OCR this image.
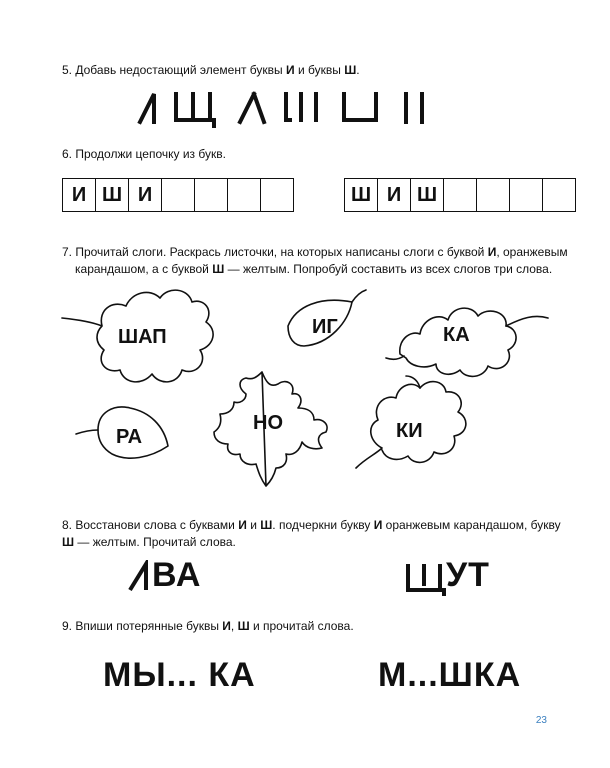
5. Добавь недостающий элемент буквы И и буквы Ш.
6. Продолжи цепочку из букв.
И Ш И	Ш И Ш
7. Прочитай слоги. Раскрась листочки, на которых написаны слоги с буквой И, оранжевым
карандашом, а с буквой Ш — желтым. Попробуй составить из всех слогов три слова.
ШАП	ИГ	КА
РА
НО	КИ
8. Восстанови слова с буквами И и Ш. подчеркни букву И оранжевым карандашом, букву
Ш — желтым. Прочитай слова.
ВА	УТ
9. Впиши потерянные буквы И, Ш и прочитай слова.
МЫ... КА	М...ШКА
23
